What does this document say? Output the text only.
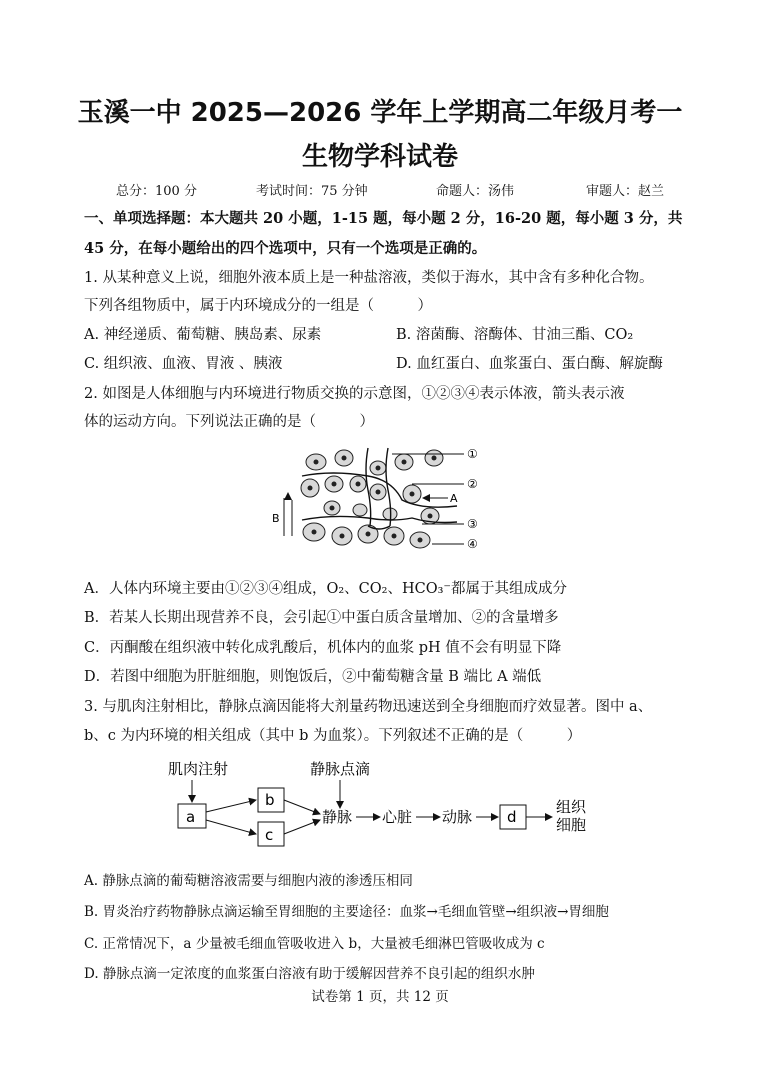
玉溪一中 2025—2026 学年上学期高二年级月考一
生物学科试卷
总分：100 分	考试时间：75 分钟	命题人：汤伟	审题人：赵兰
一、单项选择题：本大题共 20 小题，1-15 题，每小题 2 分，16-20 题，每小题 3 分，共
45 分，在每小题给出的四个选项中，只有一个选项是正确的。
1. 从某种意义上说，细胞外液本质上是一种盐溶液，类似于海水，其中含有多种化合物。
下列各组物质中，属于内环境成分的一组是（　　　）
A. 神经递质、葡萄糖、胰岛素、尿素	B. 溶菌酶、溶酶体、甘油三酯、CO₂
C. 组织液、血液、胃液 、胰液	D. 血红蛋白、血浆蛋白、蛋白酶、解旋酶
2. 如图是人体细胞与内环境进行物质交换的示意图，①②③④表示体液，箭头表示液
体的运动方向。下列说法正确的是（　　　）
①
②
③
④
A
B
A．人体内环境主要由①②③④组成，O₂、CO₂、HCO₃⁻都属于其组成成分
B．若某人长期出现营养不良，会引起①中蛋白质含量增加、②的含量增多
C．丙酮酸在组织液中转化成乳酸后，机体内的血浆 pH 值不会有明显下降
D．若图中细胞为肝脏细胞，则饱饭后，②中葡萄糖含量 B 端比 A 端低
3. 与肌肉注射相比，静脉点滴因能将大剂量药物迅速送到全身细胞而疗效显著。图中 a、
b、c 为内环境的相关组成（其中 b 为血浆）。下列叙述不正确的是（　　　）
肌肉注射	静脉点滴
a
b
c
静脉 心脏 动脉 d
组织
细胞
A. 静脉点滴的葡萄糖溶液需要与细胞内液的渗透压相同
B. 胃炎治疗药物静脉点滴运输至胃细胞的主要途径：血浆→毛细血管壁→组织液→胃细胞
C. 正常情况下，a 少量被毛细血管吸收进入 b，大量被毛细淋巴管吸收成为 c
D. 静脉点滴一定浓度的血浆蛋白溶液有助于缓解因营养不良引起的组织水肿
试卷第 1 页，共 12 页
